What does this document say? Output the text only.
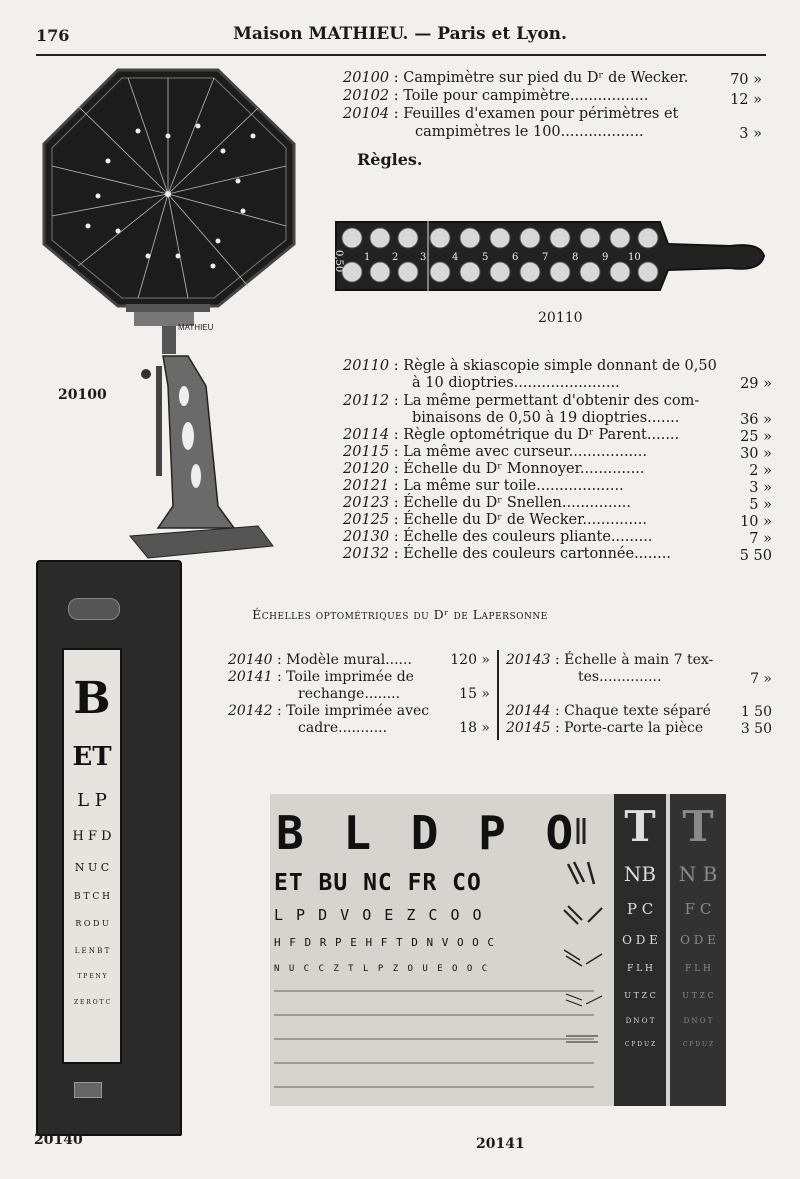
176	Maison MATHIEU. — Paris et Lyon.
20100 : Campimètre sur pied du Dʳ de Wecker.	70 »
20102 : Toile pour campimètre.................	12 »
20104 : Feuilles d'examen pour périmètres et
campimètres le 100..................	3 »
Règles.
MATHIEU
20100
0,50 1 2 3	4 5 6 7 8 9 10
20110
20110 : Règle à skiascopie simple donnant de 0,50
à 10 dioptries.......................	29 »
20112 : La même permettant d'obtenir des com-
binaisons de 0,50 à 19 dioptries.......	36 »
20114 : Règle optométrique du Dʳ Parent.......	25 »
20115 : La même avec curseur.................	30 »
20120 : Échelle du Dʳ Monnoyer..............	2 »
20121 : La même sur toile...................	3 »
20123 : Échelle du Dʳ Snellen...............	5 »
20125 : Échelle du Dʳ de Wecker..............	10 »
20130 : Échelle des couleurs pliante.........	7 »
20132 : Échelle des couleurs cartonnée........	5 50
Échelles optométriques du Dʳ de Lapersonne
20140 : Modèle mural......	120 »
20141 : Toile imprimée de
rechange........	15 »
20142 : Toile imprimée avec
cadre...........	18 »
20143 : Échelle à main 7 tex-
tes..............	7 »
20144 : Chaque texte séparé 1 50
20145 : Porte-carte la pièce	3 50
B
ET
L P
H F D
N U C
B T C H
R O D U
L E N B T
T P E N Y
Z E R O T C
20140
B L D P O
ET BU NC FR CO
L P D V O E Z C O O
H F D R P E H F T D N V O O C
N U C C Z T L P Z O U E O O C
T
NB
P C
O D E
F L H
U T Z C
D N O T
C P D U Z
T
N B
F C
O D E
F L H
U T Z C
D N O T
C P D U Z
20141
